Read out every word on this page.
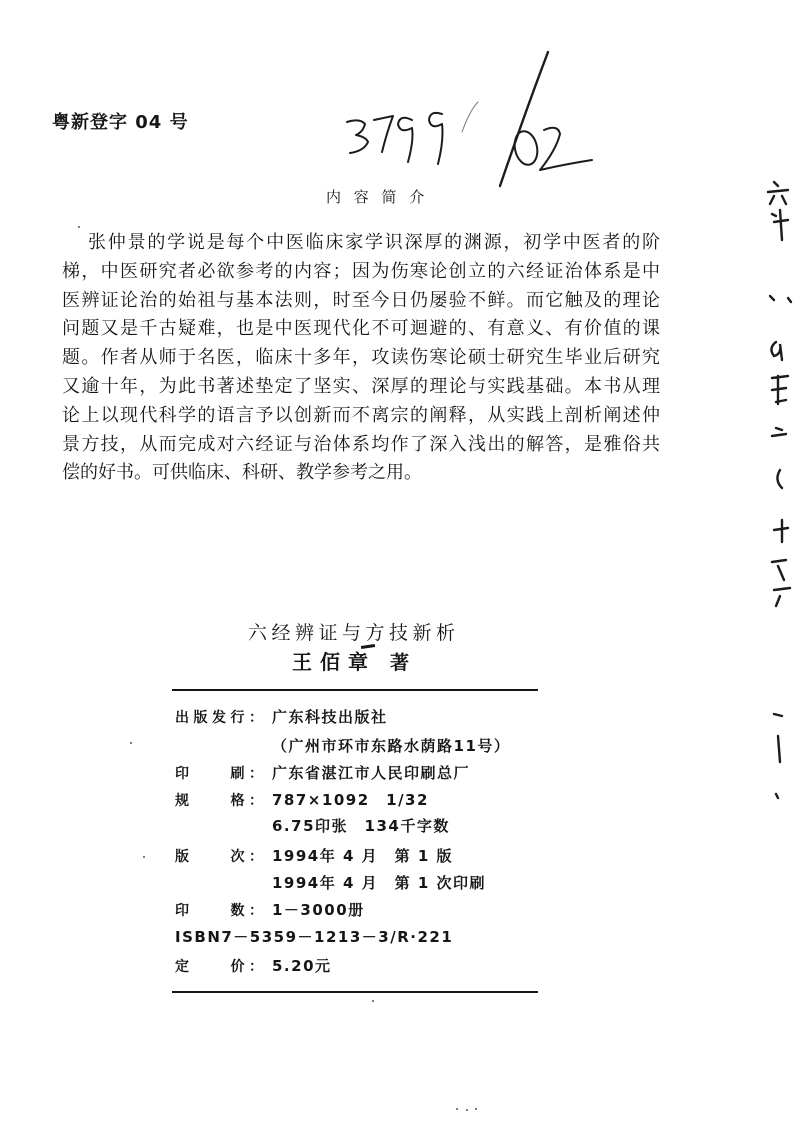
粤新登字 04 号
内 容 简 介
张仲景的学说是每个中医临床家学识深厚的渊源，初学中医者的阶
梯，中医研究者必欲参考的内容；因为伤寒论创立的六经证治体系是中
医辨证论治的始祖与基本法则，时至今日仍屡验不鲜。而它触及的理论
问题又是千古疑难，也是中医现代化不可迴避的、有意义、有价值的课
题。作者从师于名医，临床十多年，攻读伤寒论硕士研究生毕业后研究
又逾十年，为此书著述垫定了坚实、深厚的理论与实践基础。本书从理
论上以现代科学的语言予以创新而不离宗的阐释，从实践上剖析阐述仲
景方技，从而完成对六经证与治体系均作了深入浅出的解答，是雅俗共
偿的好书。可供临床、科研、教学参考之用。
六经辨证与方技新析
王佰章 著
出版发行： 广东科技出版社
（广州市环市东路水荫路11号）
印　　刷： 广东省湛江市人民印刷总厂
规　　格： 787×1092　1/32
6.75印张　134千字数
版　　次： 1994年 4 月　第 1 版
1994年 4 月　第 1 次印刷
印　　数： 1－3000册
ISBN7－5359－1213－3/R·221
定　　价： 5.20元
